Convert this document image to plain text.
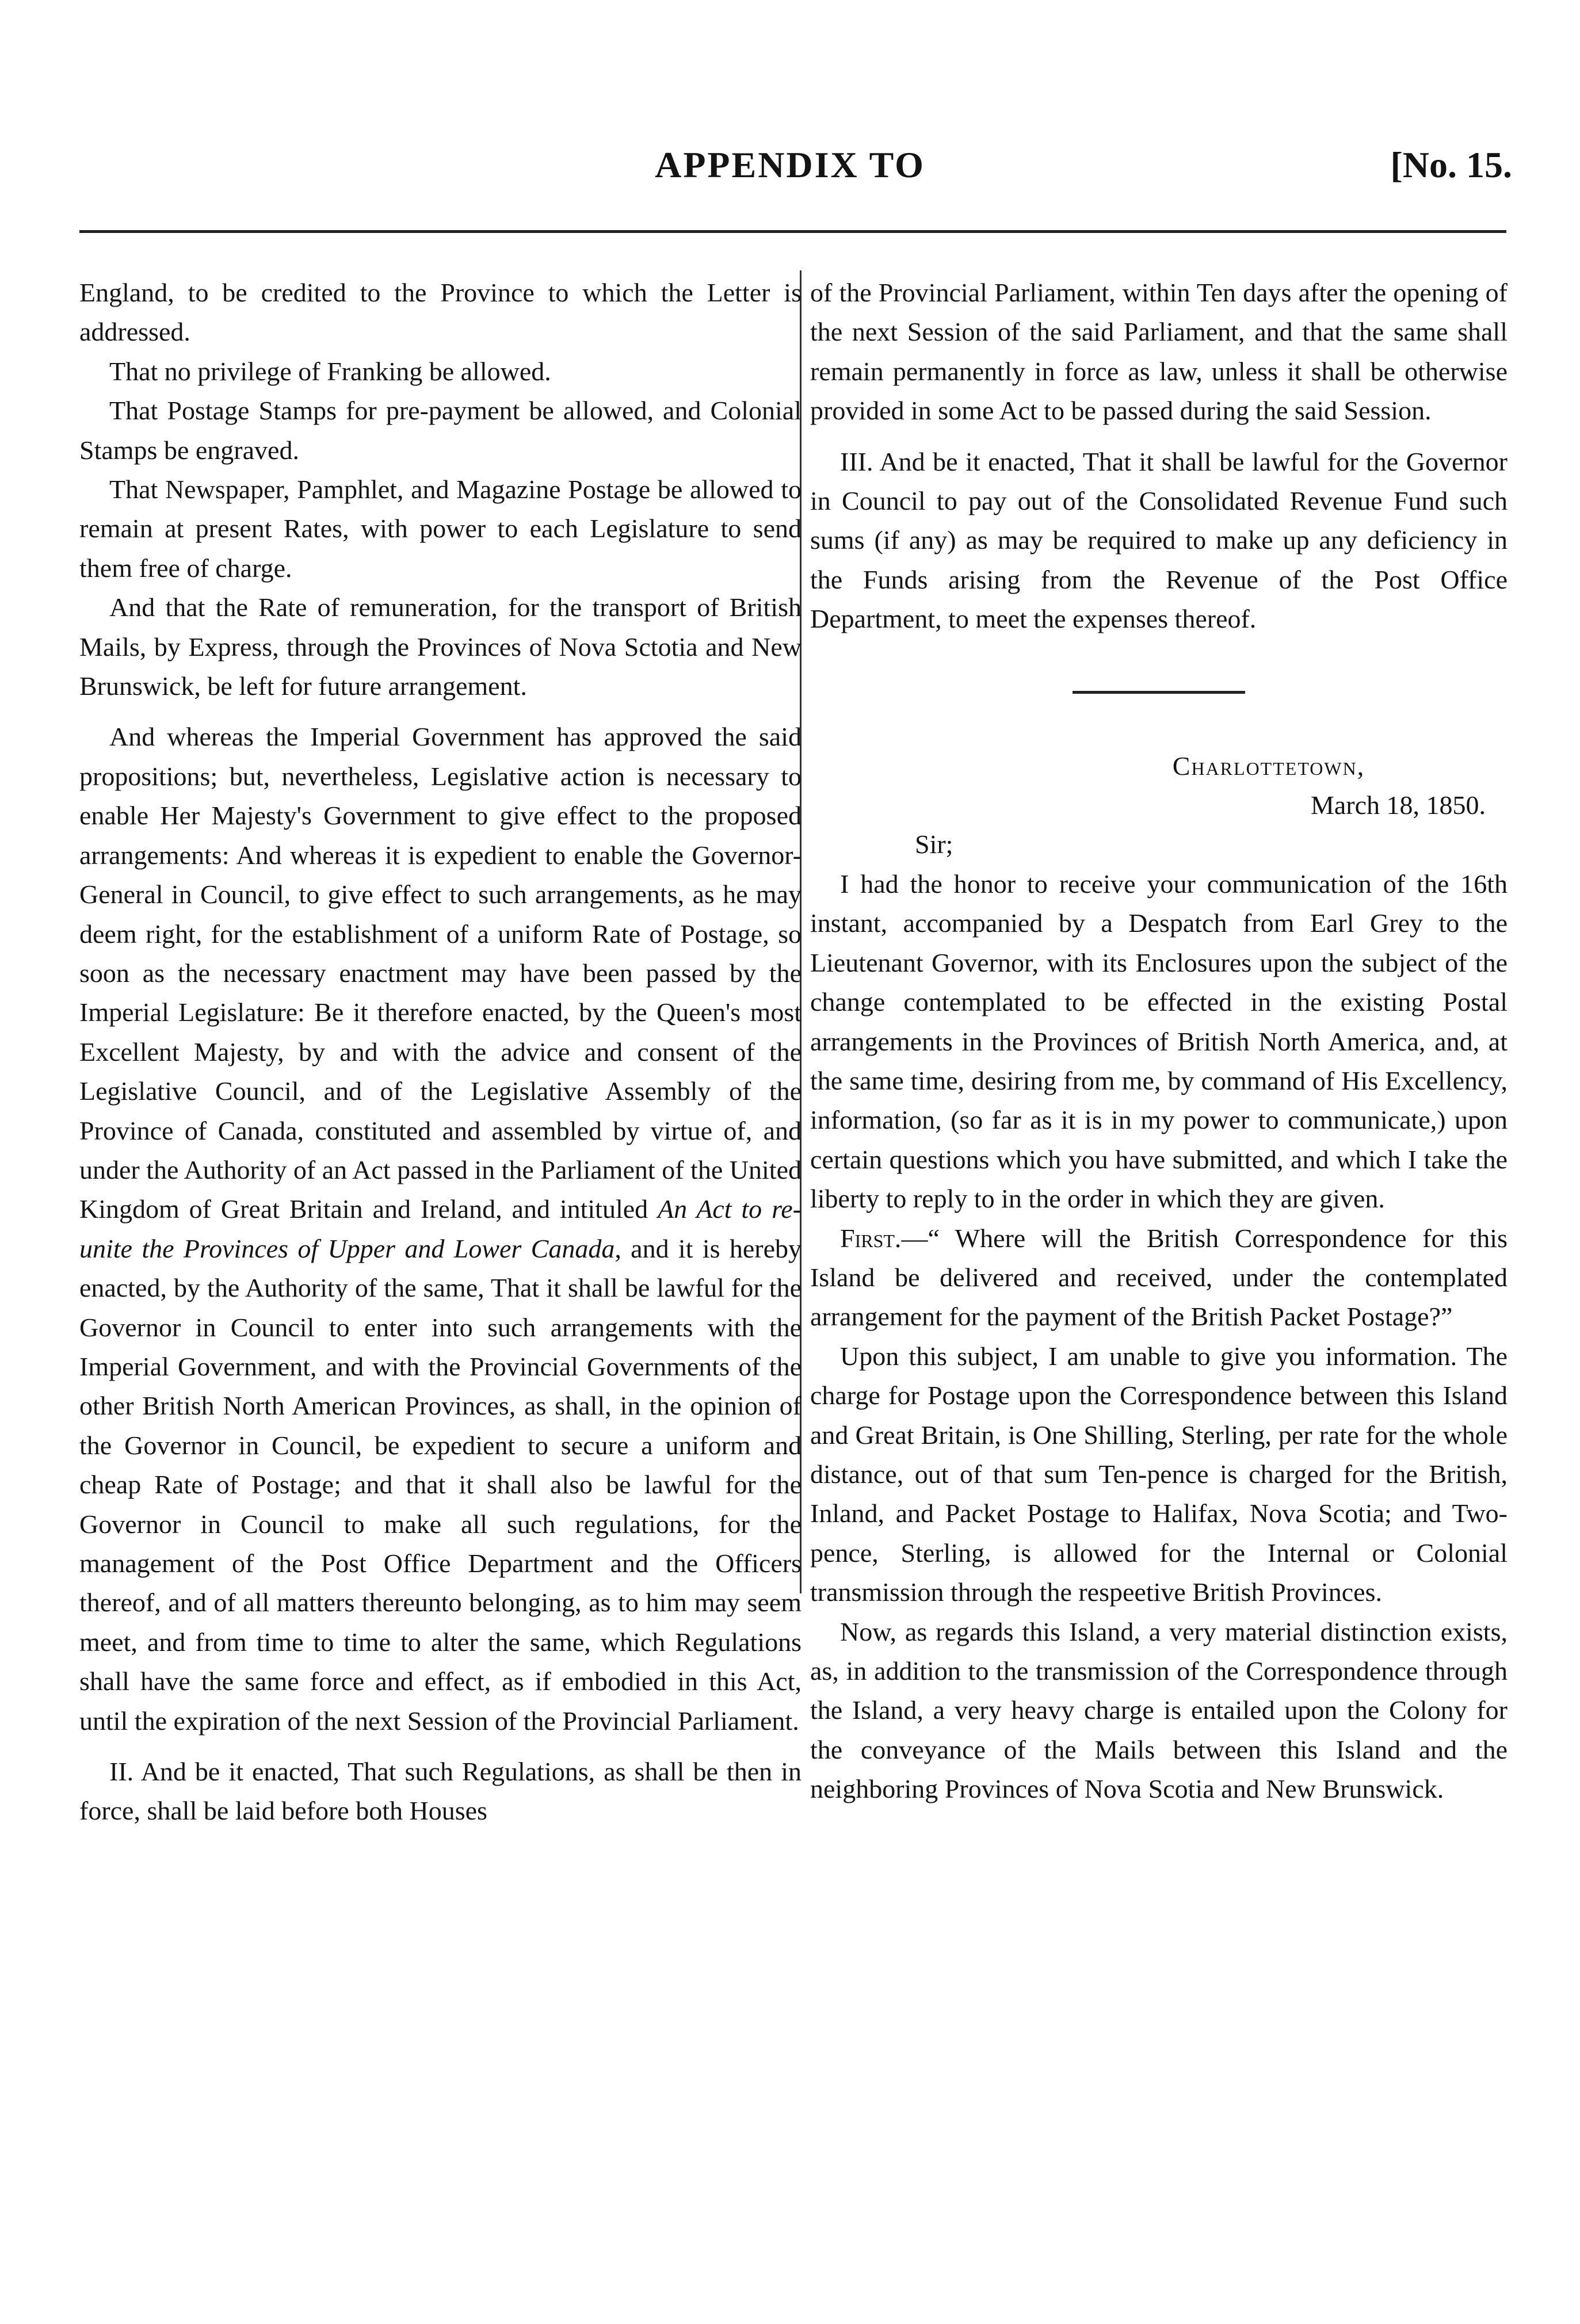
APPENDIX TO	[No. 15.

England, to be credited to the Province to which the Letter is addressed.

That no privilege of Franking be allowed.

That Postage Stamps for pre-payment be allowed, and Colonial Stamps be engraved.

That Newspaper, Pamphlet, and Magazine Postage be allowed to remain at present Rates, with power to each Legislature to send them free of charge.

And that the Rate of remuneration, for the transport of British Mails, by Express, through the Provinces of Nova Sctotia and New Brunswick, be left for future arrangement.

And whereas the Imperial Government has approved the said propositions; but, nevertheless, Legislative action is necessary to enable Her Majesty's Government to give effect to the proposed arrangements: And whereas it is expedient to enable the Governor-General in Council, to give effect to such arrangements, as he may deem right, for the establishment of a uniform Rate of Postage, so soon as the necessary enactment may have been passed by the Imperial Legislature: Be it therefore enacted, by the Queen's most Excellent Majesty, by and with the advice and consent of the Legislative Council, and of the Legislative Assembly of the Province of Canada, constituted and assembled by virtue of, and under the Authority of an Act passed in the Parliament of the United Kingdom of Great Britain and Ireland, and intituled An Act to re-unite the Provinces of Upper and Lower Canada, and it is hereby enacted, by the Authority of the same, That it shall be lawful for the Governor in Council to enter into such arrangements with the Imperial Government, and with the Provincial Governments of the other British North American Provinces, as shall, in the opinion of the Governor in Council, be expedient to secure a uniform and cheap Rate of Postage; and that it shall also be lawful for the Governor in Council to make all such regulations, for the management of the Post Office Department and the Officers thereof, and of all matters thereunto belonging, as to him may seem meet, and from time to time to alter the same, which Regulations shall have the same force and effect, as if embodied in this Act, until the expiration of the next Session of the Provincial Parliament.

II. And be it enacted, That such Regulations, as shall be then in force, shall be laid before both Houses

of the Provincial Parliament, within Ten days after the opening of the next Session of the said Parliament, and that the same shall remain permanently in force as law, unless it shall be otherwise provided in some Act to be passed during the said Session.

III. And be it enacted, That it shall be lawful for the Governor in Council to pay out of the Consolidated Revenue Fund such sums (if any) as may be required to make up any deficiency in the Funds arising from the Revenue of the Post Office Department, to meet the expenses thereof.

Charlottetown,
March 18, 1850.

Sir;

I had the honor to receive your communication of the 16th instant, accompanied by a Despatch from Earl Grey to the Lieutenant Governor, with its Enclosures upon the subject of the change contemplated to be effected in the existing Postal arrangements in the Provinces of British North America, and, at the same time, desiring from me, by command of His Excellency, information, (so far as it is in my power to communicate,) upon certain questions which you have submitted, and which I take the liberty to reply to in the order in which they are given.

First.—“ Where will the British Correspondence for this Island be delivered and received, under the contemplated arrangement for the payment of the British Packet Postage?”

Upon this subject, I am unable to give you information. The charge for Postage upon the Correspondence between this Island and Great Britain, is One Shilling, Sterling, per rate for the whole distance, out of that sum Ten-pence is charged for the British, Inland, and Packet Postage to Halifax, Nova Scotia; and Two-pence, Sterling, is allowed for the Internal or Colonial transmission through the respeetive British Provinces.

Now, as regards this Island, a very material distinction exists, as, in addition to the transmission of the Correspondence through the Island, a very heavy charge is entailed upon the Colony for the conveyance of the Mails between this Island and the neighboring Provinces of Nova Scotia and New Brunswick.
